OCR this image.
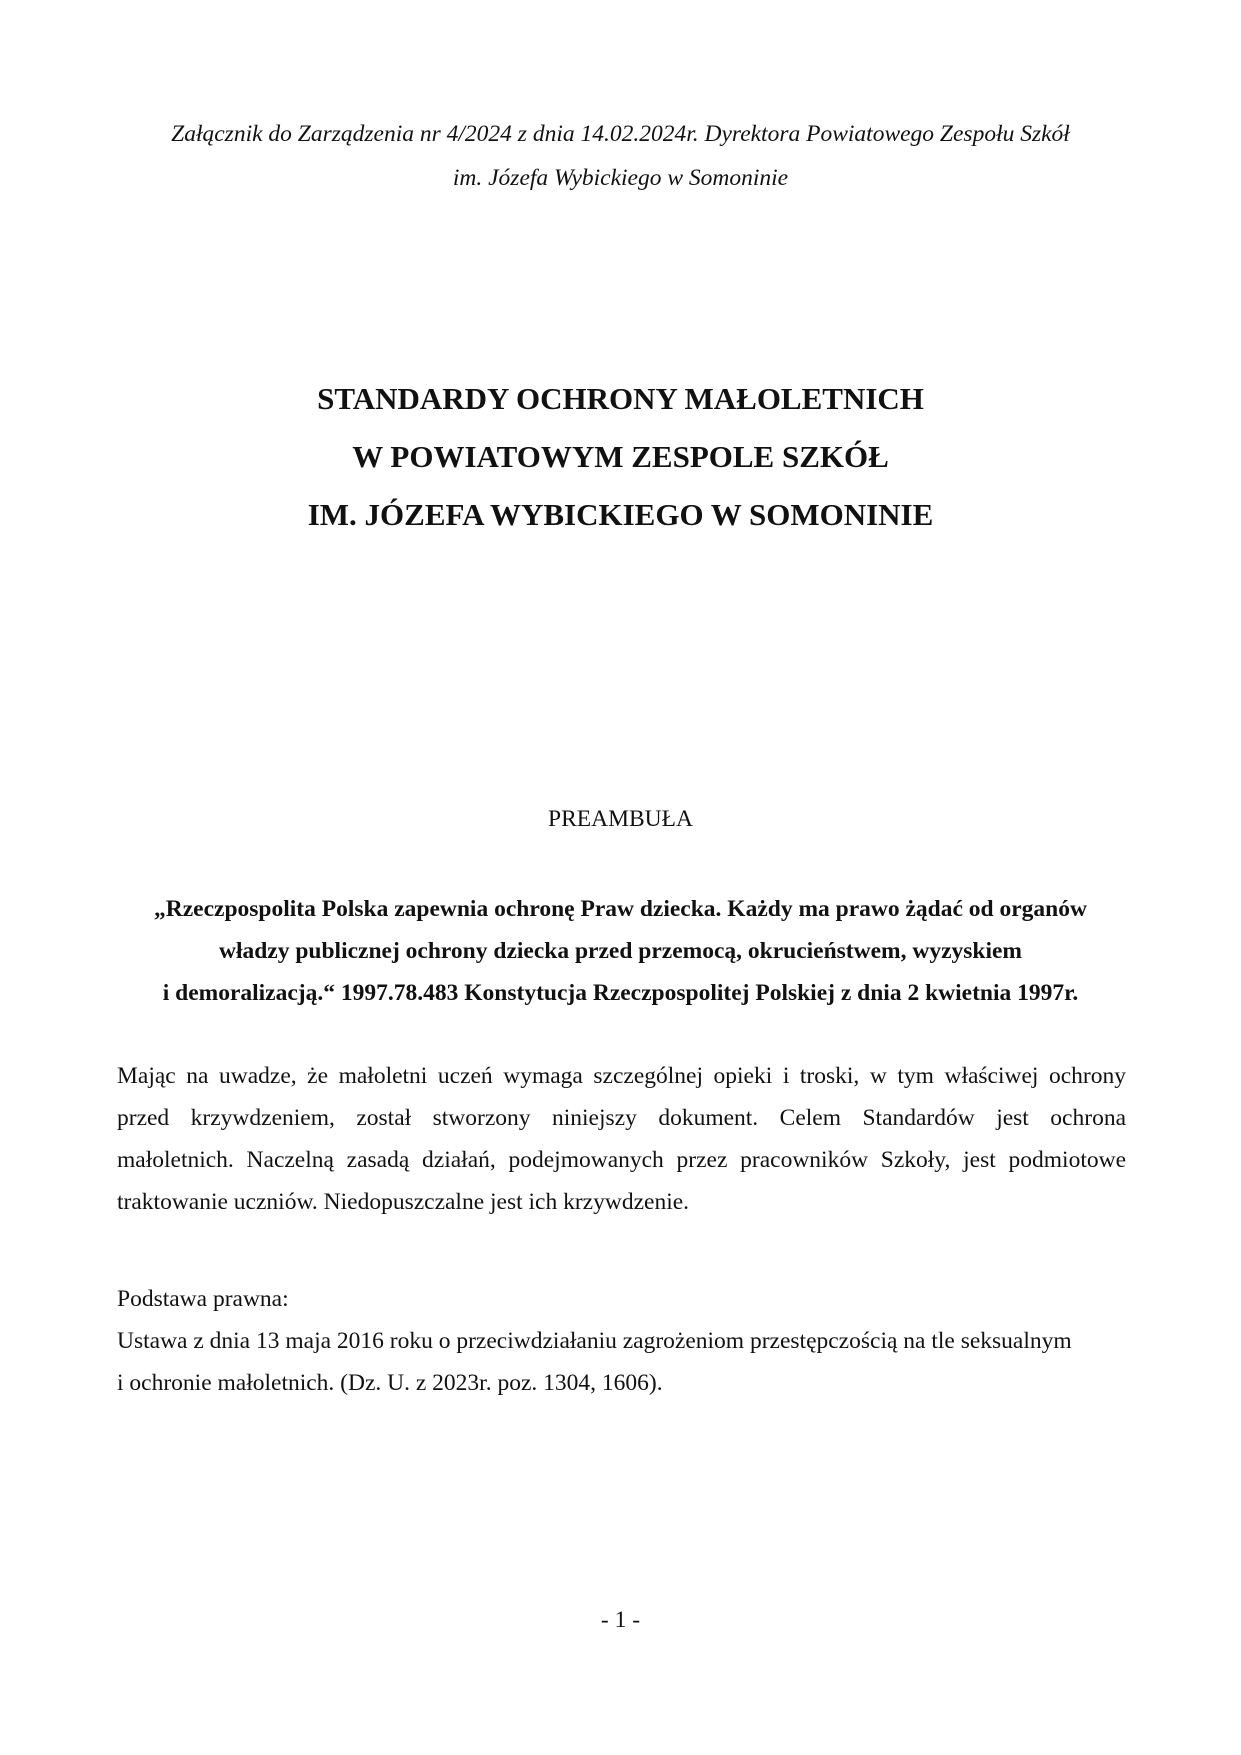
Załącznik do Zarządzenia nr 4/2024 z dnia 14.02.2024r. Dyrektora Powiatowego Zespołu Szkół
im. Józefa Wybickiego w Somoninie
STANDARDY OCHRONY MAŁOLETNICH
W POWIATOWYM ZESPOLE SZKÓŁ
IM. JÓZEFA WYBICKIEGO W SOMONINIE
PREAMBUŁA
„Rzeczpospolita Polska zapewnia ochronę Praw dziecka. Każdy ma prawo żądać od organów
władzy publicznej ochrony dziecka przed przemocą, okrucieństwem, wyzyskiem
i demoralizacją.“ 1997.78.483 Konstytucja Rzeczpospolitej Polskiej z dnia 2 kwietnia 1997r.
Mając na uwadze, że małoletni uczeń wymaga szczególnej opieki i troski, w tym właściwej ochrony
przed krzywdzeniem, został stworzony niniejszy dokument. Celem Standardów jest ochrona
małoletnich. Naczelną zasadą działań, podejmowanych przez pracowników Szkoły, jest podmiotowe
traktowanie uczniów. Niedopuszczalne jest ich krzywdzenie.
Podstawa prawna:
Ustawa z dnia 13 maja 2016 roku o przeciwdziałaniu zagrożeniom przestępczością na tle seksualnym
i ochronie małoletnich. (Dz. U. z 2023r. poz. 1304, 1606).
- 1 -
